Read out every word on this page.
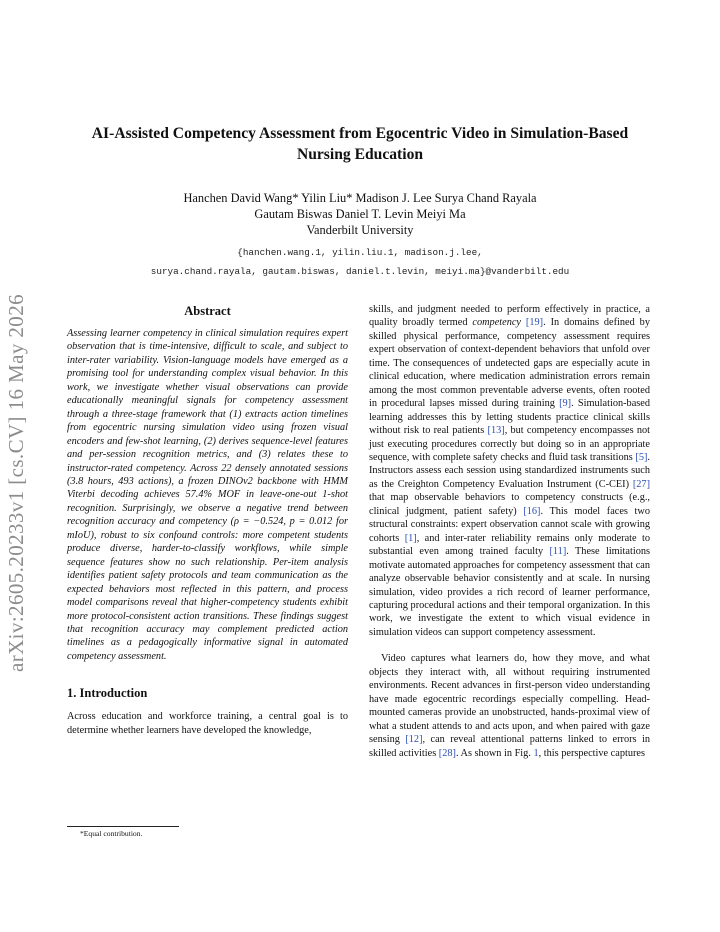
arXiv:2605.20233v1 [cs.CV] 16 May 2026
AI-Assisted Competency Assessment from Egocentric Video in Simulation-Based
Nursing Education
Hanchen David Wang* Yilin Liu* Madison J. Lee Surya Chand Rayala
Gautam Biswas Daniel T. Levin Meiyi Ma
Vanderbilt University
{hanchen.wang.1, yilin.liu.1, madison.j.lee,
surya.chand.rayala, gautam.biswas, daniel.t.levin, meiyi.ma}@vanderbilt.edu
Abstract

Assessing learner competency in clinical simulation requires expert observation that is time-intensive, difficult to scale, and subject to inter-rater variability. Vision-language models have emerged as a promising tool for understanding complex visual behavior. In this work, we investigate whether visual observations can provide educationally meaningful signals for competency assessment through a three-stage framework that (1) extracts action timelines from egocentric nursing simulation video using frozen visual encoders and few-shot learning, (2) derives sequence-level features and per-session recognition metrics, and (3) relates these to instructor-rated competency. Across 22 densely annotated sessions (3.8 hours, 493 actions), a frozen DINOv2 backbone with HMM Viterbi decoding achieves 57.4% MOF in leave-one-out 1-shot recognition. Surprisingly, we observe a negative trend between recognition accuracy and competency (ρ = −0.524, p = 0.012 for mIoU), robust to six confound controls: more competent students produce diverse, harder-to-classify workflows, while simple sequence features show no such relationship. Per-item analysis identifies patient safety protocols and team communication as the expected behaviors most reflected in this pattern, and process model comparisons reveal that higher-competency students exhibit more protocol-consistent action transitions. These findings suggest that recognition accuracy may complement predicted action timelines as a pedagogically informative signal in automated competency assessment.

1. Introduction

Across education and workforce training, a central goal is to determine whether learners have developed the knowledge,

skills, and judgment needed to perform effectively in practice, a quality broadly termed competency [19]. In domains defined by skilled physical performance, competency assessment requires expert observation of context-dependent behaviors that unfold over time. The consequences of undetected gaps are especially acute in clinical education, where medication administration errors remain among the most common preventable adverse events, often rooted in procedural lapses missed during training [9]. Simulation-based learning addresses this by letting students practice clinical skills without risk to real patients [13], but competency encompasses not just executing procedures correctly but doing so in an appropriate sequence, with complete safety checks and fluid task transitions [5]. Instructors assess each session using standardized instruments such as the Creighton Competency Evaluation Instrument (C-CEI) [27] that map observable behaviors to competency constructs (e.g., clinical judgment, patient safety) [16]. This model faces two structural constraints: expert observation cannot scale with growing cohorts [1], and inter-rater reliability remains only moderate to substantial even among trained faculty [11]. These limitations motivate automated approaches for competency assessment that can analyze observable behavior consistently and at scale. In nursing simulation, video provides a rich record of learner performance, capturing procedural actions and their temporal organization. In this work, we investigate the extent to which visual evidence in simulation videos can support competency assessment.

Video captures what learners do, how they move, and what objects they interact with, all without requiring instrumented environments. Recent advances in first-person video understanding have made egocentric recordings especially compelling. Head-mounted cameras provide an unobstructed, hands-proximal view of what a student attends to and acts upon, and when paired with gaze sensing [12], can reveal attentional patterns linked to errors in skilled activities [28]. As shown in Fig. 1, this perspective captures

*Equal contribution.
